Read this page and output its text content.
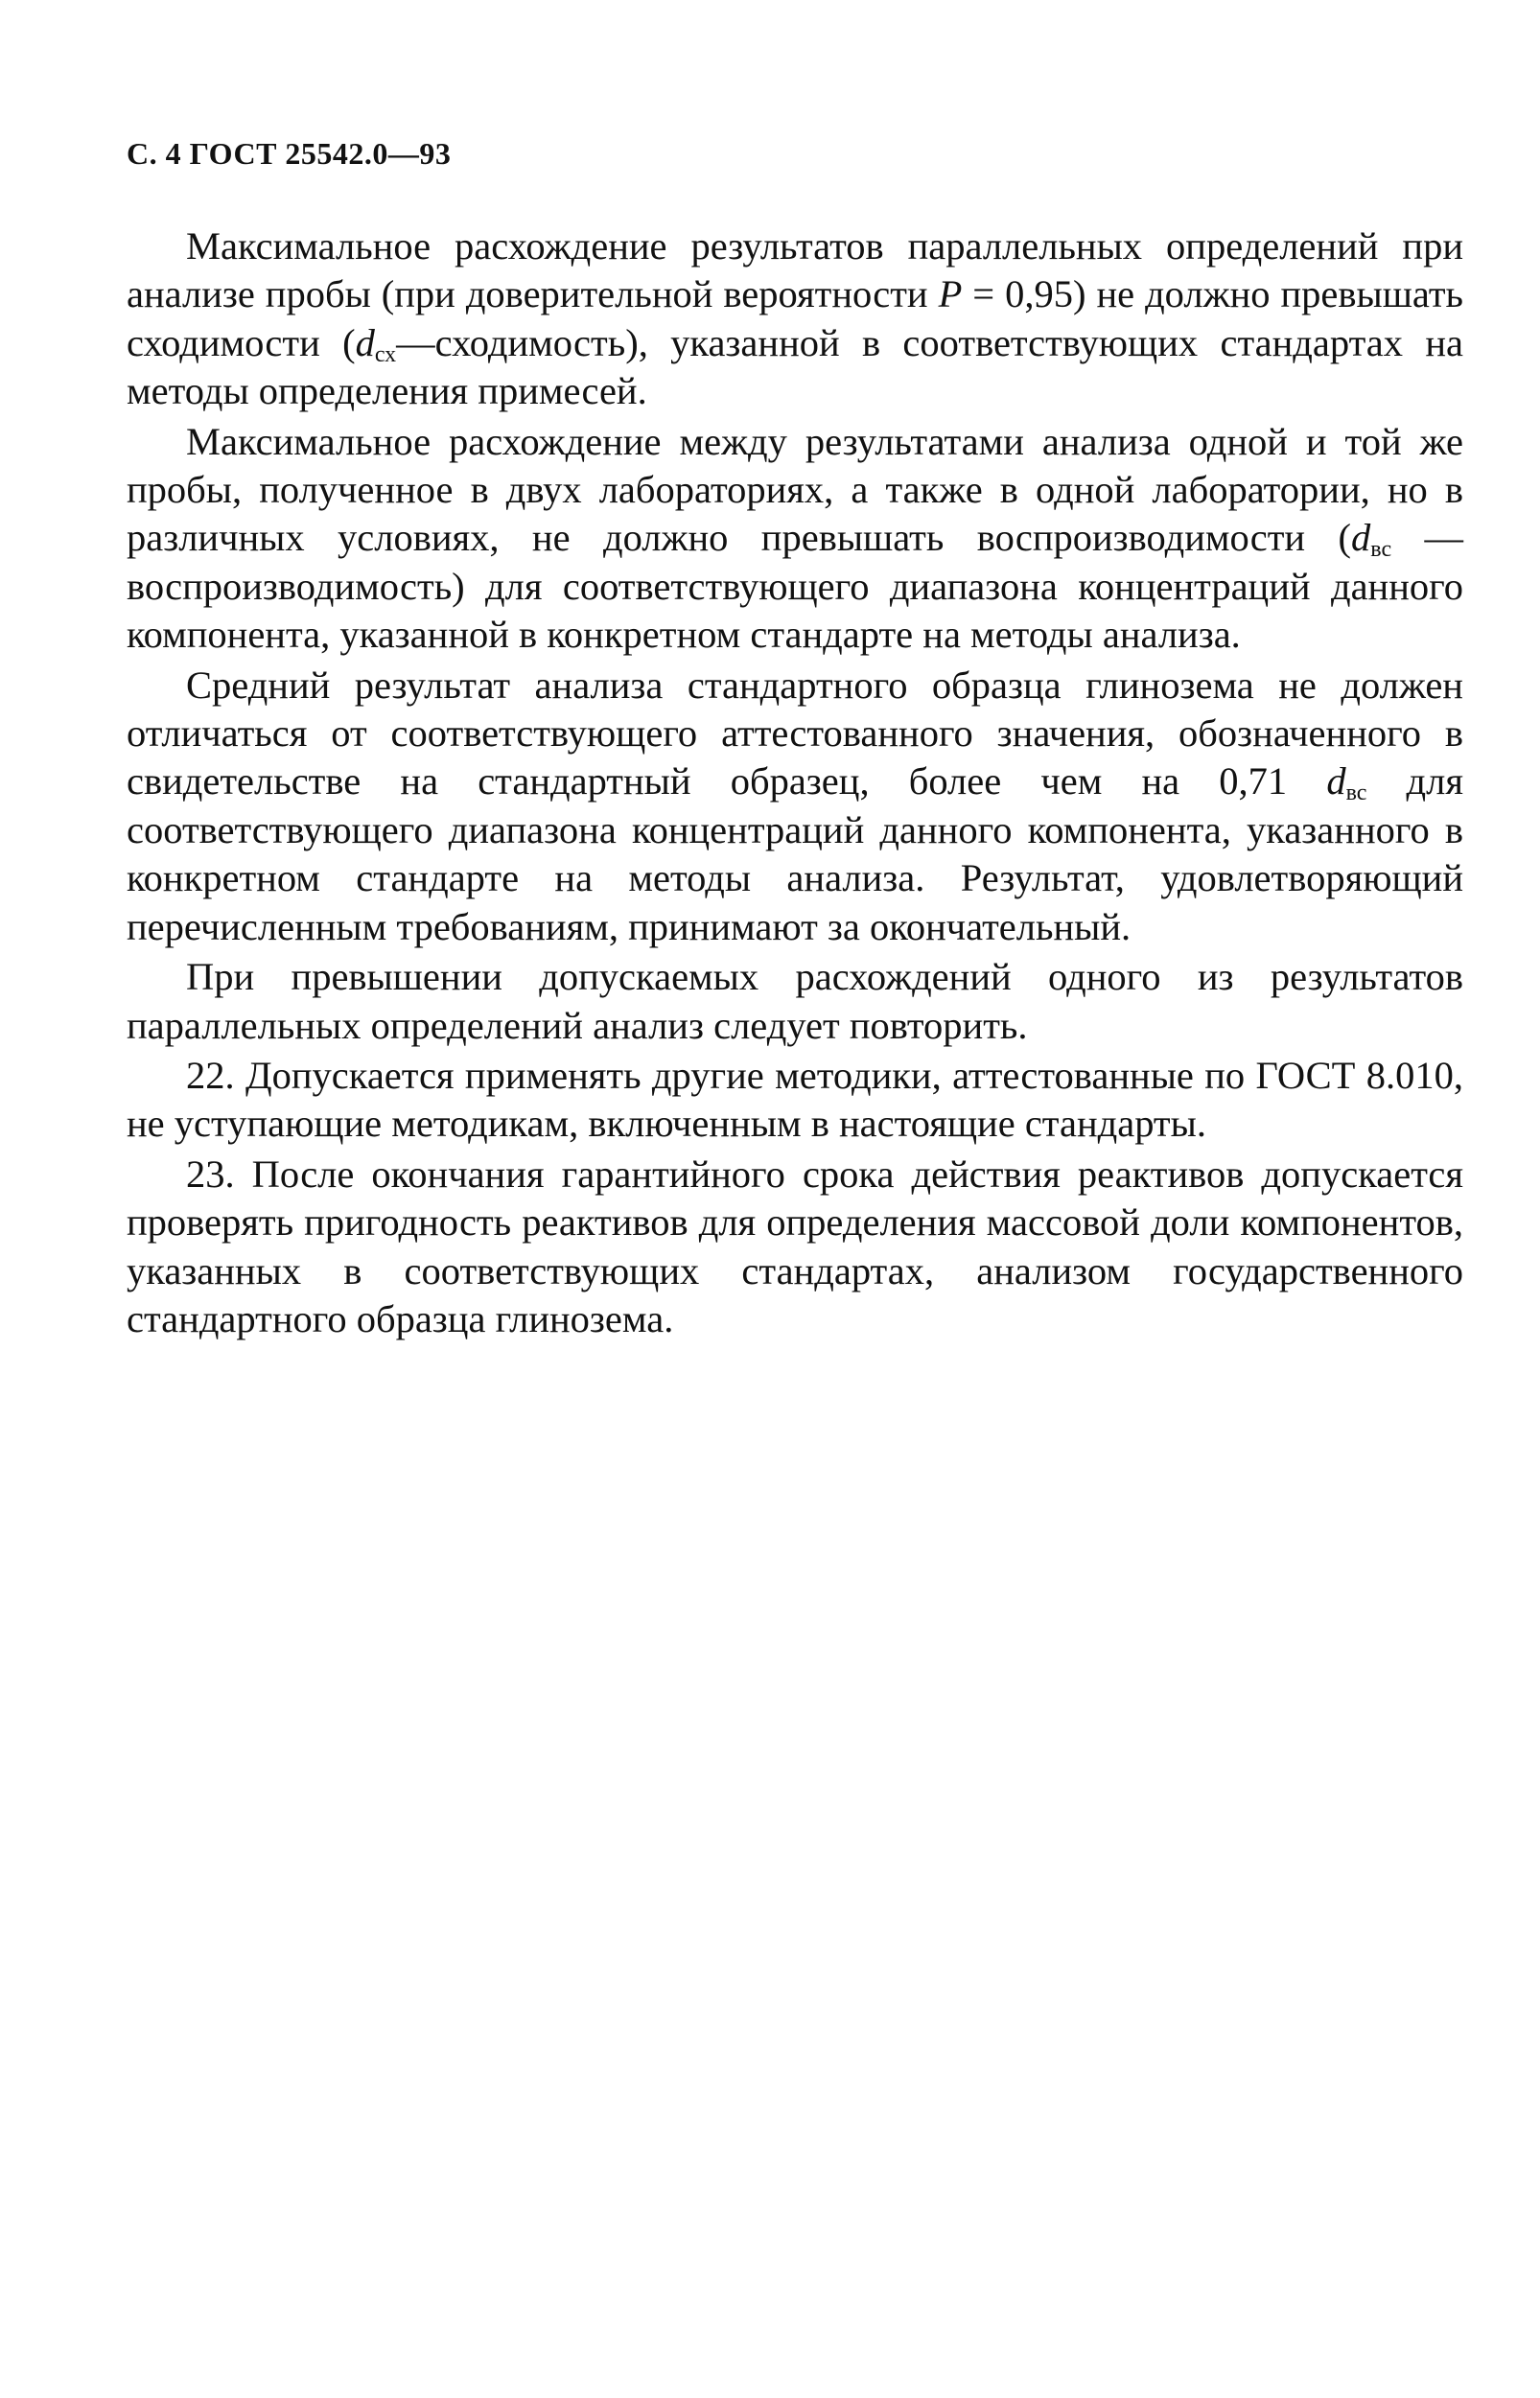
С. 4 ГОСТ 25542.0—93

Максимальное расхождение результатов параллельных определений при анализе пробы (при доверительной вероятности P = 0,95) не должно превышать сходимости $(d_{сх}—сходимость)$, указанной в соответствующих стандартах на методы определения примесей.

Максимальное расхождение между результатами анализа одной и той же пробы, полученное в двух лабораториях, а также в одной лаборатории, но в различных условиях, не должно превышать воспроизводимости ($d_{вс}$ — воспроизводимость) для соответствующего диапазона концентраций данного компонента, указанной в конкретном стандарте на методы анализа.

Средний результат анализа стандартного образца глинозема не должен отличаться от соответствующего аттестованного значения, обозначенного в свидетельстве на стандартный образец, более чем на 0,71 $d_{вс}$ для соответствующего диапазона концентраций данного компонента, указанного в конкретном стандарте на методы анализа. Результат, удовлетворяющий перечисленным требованиям, принимают за окончательный.

При превышении допускаемых расхождений одного из результатов параллельных определений анализ следует повторить.

22. Допускается применять другие методики, аттестованные по ГОСТ 8.010, не уступающие методикам, включенным в настоящие стандарты.

23. После окончания гарантийного срока действия реактивов допускается проверять пригодность реактивов для определения массовой доли компонентов, указанных в соответствующих стандартах, анализом государственного стандартного образца глинозема.
